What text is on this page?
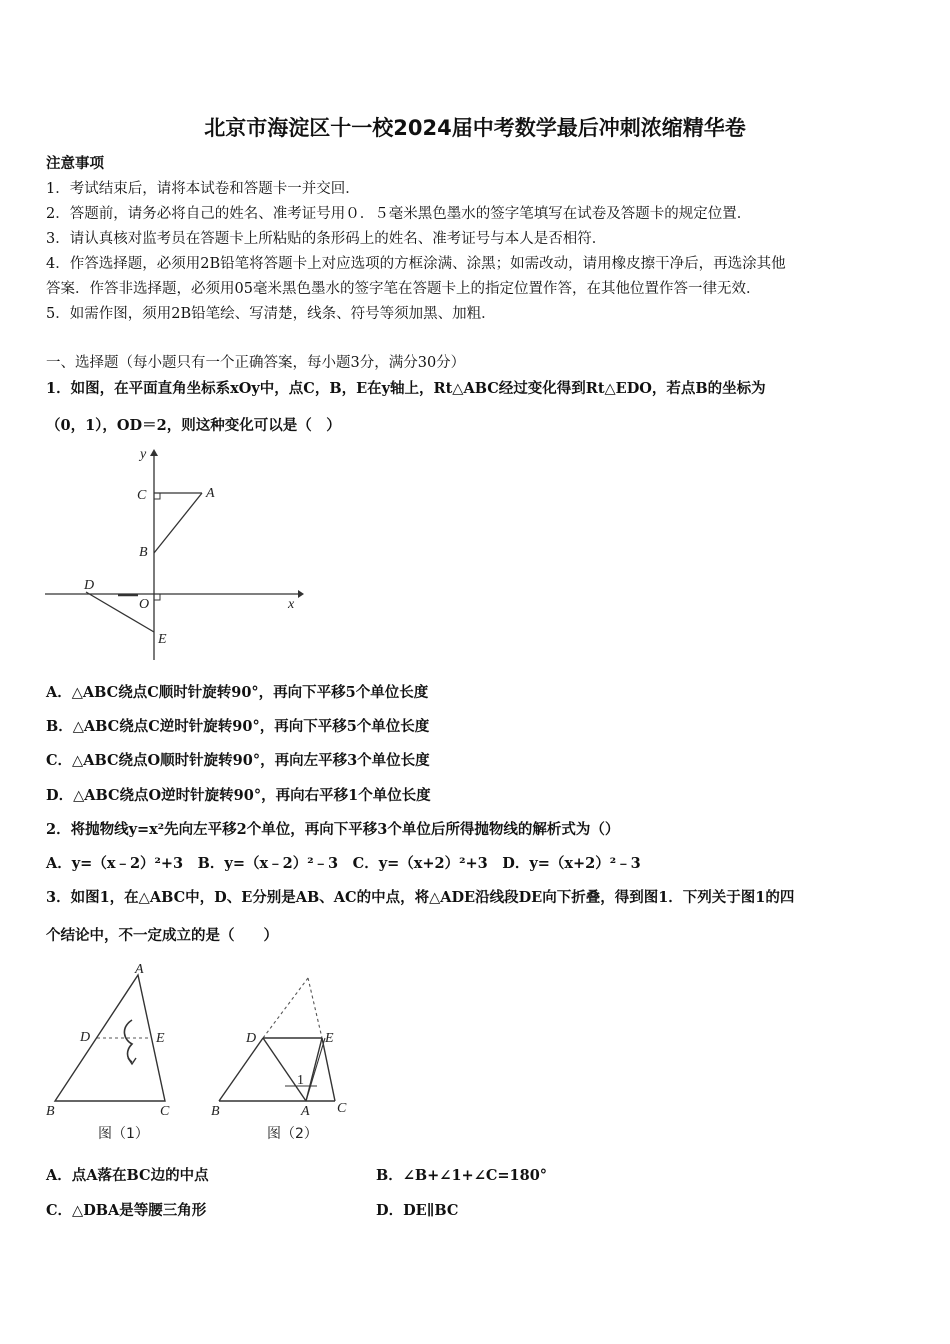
北京市海淀区十一校2024届中考数学最后冲刺浓缩精华卷
注意事项
1．考试结束后，请将本试卷和答题卡一并交回．
2．答题前，请务必将自己的姓名、准考证号用０．５毫米黑色墨水的签字笔填写在试卷及答题卡的规定位置．
3．请认真核对监考员在答题卡上所粘贴的条形码上的姓名、准考证号与本人是否相符．
4．作答选择题，必须用2B铅笔将答题卡上对应选项的方框涂满、涂黑；如需改动，请用橡皮擦干净后，再选涂其他
答案．作答非选择题，必须用05毫米黑色墨水的签字笔在答题卡上的指定位置作答，在其他位置作答一律无效．
5．如需作图，须用2B铅笔绘、写清楚，线条、符号等须加黑、加粗．
一、选择题（每小题只有一个正确答案，每小题3分，满分30分）
1．如图，在平面直角坐标系xOy中，点C，B，E在y轴上，Rt△ABC经过变化得到Rt△EDO，若点B的坐标为
（0，1），OD＝2，则这种变化可以是（　）
y
C	A
B
D
O	x
E
A．△ABC绕点C顺时针旋转90°，再向下平移5个单位长度
B．△ABC绕点C逆时针旋转90°，再向下平移5个单位长度
C．△ABC绕点O顺时针旋转90°，再向左平移3个单位长度
D．△ABC绕点O逆时针旋转90°，再向右平移1个单位长度
2．将抛物线y=x²先向左平移2个单位，再向下平移3个单位后所得抛物线的解析式为（）
A．y=（x﹣2）²+3　B．y=（x﹣2）²﹣3　C．y=（x+2）²+3　D．y=（x+2）²﹣3
3．如图1，在△ABC中，D、E分别是AB、AC的中点，将△ADE沿线段DE向下折叠，得到图1．下列关于图1的四
个结论中，不一定成立的是（　　）
A
D	E
B	C
图（1）
D	E
1
B	A C
图（2）
A．点A落在BC边的中点	B．∠B+∠1+∠C=180°
C．△DBA是等腰三角形	D．DE∥BC
